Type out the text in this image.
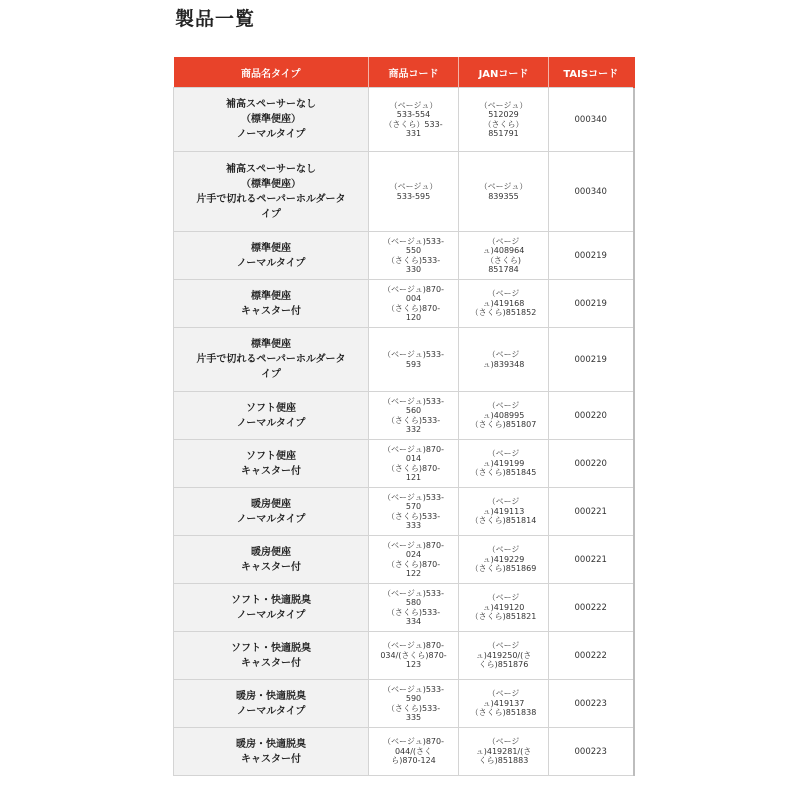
製品一覧
商品名タイプ	商品コード	JANコード	TAISコード

補高スペーサーなし
（標準便座）
ノーマルタイプ	（ベージュ）
533-554
（さくら）533-
331	（ベージュ）
512029
（さくら）
851791	000340

補高スペーサーなし
（標準便座）
片手で切れるペーパーホルダータ
イプ	（ベージュ）
533-595	（ベージュ）
839355	000340

標準便座
ノーマルタイプ	（ベージュ)533-
550
（さくら)533-
330	（ベージ
ュ)408964
（さくら)
851784	000219

標準便座
キャスター付	（ベージュ)870-
004
（さくら)870-
120	（ベージ
ュ)419168
（さくら)851852	000219

標準便座
片手で切れるペーパーホルダータ
イプ	（ベージュ)533-
593	（ベージ
ュ)839348	000219

ソフト便座
ノーマルタイプ	（ベージュ)533-
560
（さくら)533-
332	（ベージ
ュ)408995
（さくら)851807	000220

ソフト便座
キャスター付	（ベージュ)870-
014
（さくら)870-
121	（ベージ
ュ)419199
（さくら)851845	000220

暖房便座
ノーマルタイプ	（ベージュ)533-
570
（さくら)533-
333	（ベージ
ュ)419113
（さくら)851814	000221

暖房便座
キャスター付	（ベージュ)870-
024
（さくら)870-
122	（ベージ
ュ)419229
（さくら)851869	000221

ソフト・快適脱臭
ノーマルタイプ	（ベージュ)533-
580
（さくら)533-
334	（ベージ
ュ)419120
（さくら)851821	000222

ソフト・快適脱臭
キャスター付	（ベージュ)870-
034/(さくら)870-123	（ベージ
ュ)419250/(さ
くら)851876	000222

暖房・快適脱臭
ノーマルタイプ	（ベージュ)533-
590
（さくら)533-
335	（ベージ
ュ)419137
（さくら)851838	000223

暖房・快適脱臭
キャスター付	（ベージュ)870-
044/(さく
ら)870-124	（ベージ
ュ)419281/(さ
くら)851883	000223
